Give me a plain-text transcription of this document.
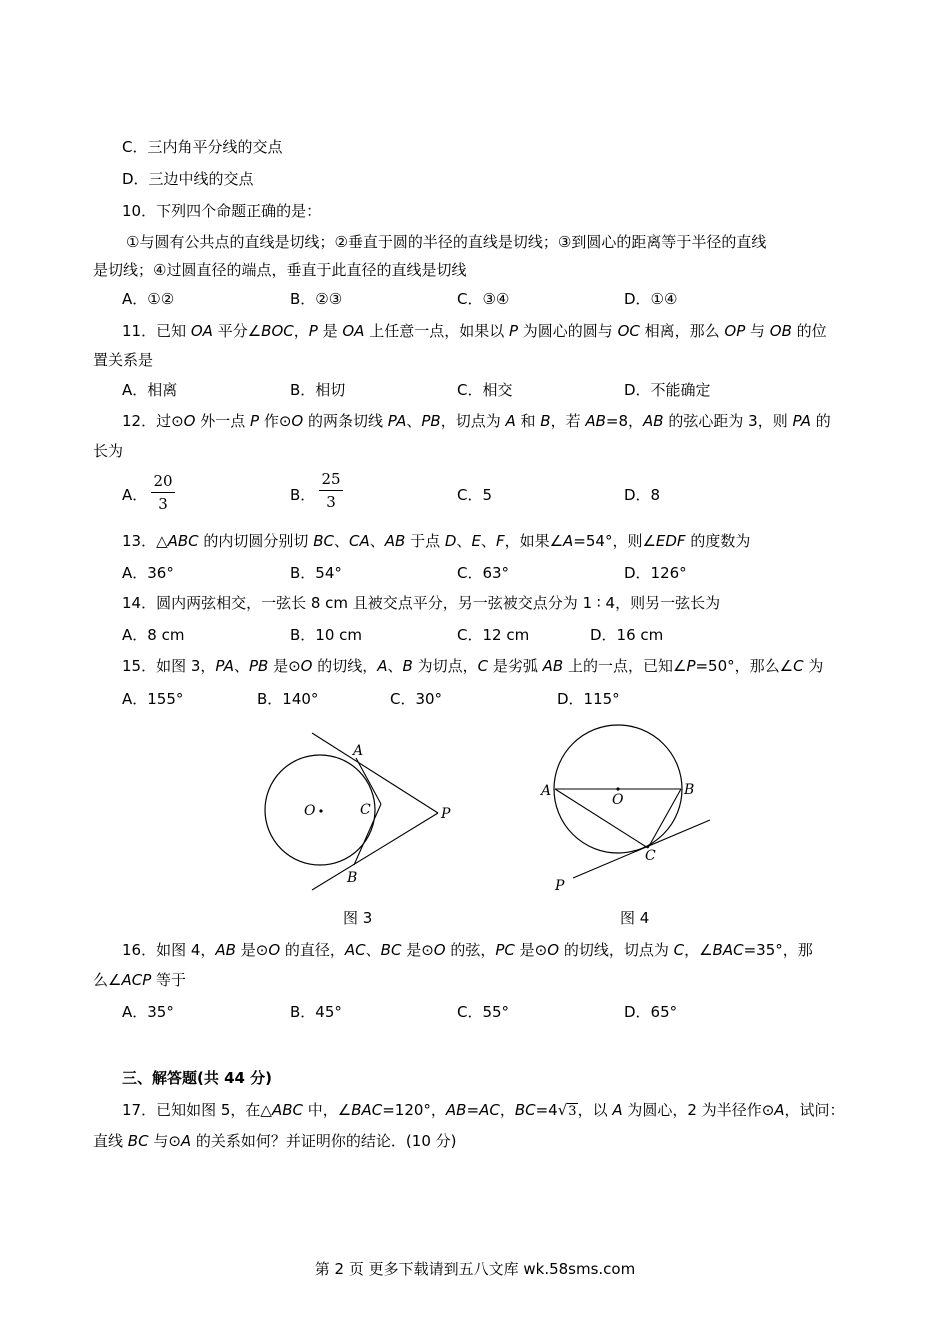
C．三内角平分线的交点
D．三边中线的交点
10．下列四个命题正确的是：
①与圆有公共点的直线是切线；②垂直于圆的半径的直线是切线；③到圆心的距离等于半径的直线
是切线；④过圆直径的端点，垂直于此直径的直线是切线
A．①②	B．②③	C．③④	D．①④
11．已知 OA 平分∠BOC，P 是 OA 上任意一点，如果以 P 为圆心的圆与 OC 相离，那么 OP 与 OB 的位
置关系是
A．相离	B．相切	C．相交	D．不能确定
12．过⊙O 外一点 P 作⊙O 的两条切线 PA、PB，切点为 A 和 B，若 AB=8，AB 的弦心距为 3，则 PA 的
长为
A．
20
3	B．
25
3	C．5	D．8
13．△ABC 的内切圆分别切 BC、CA、AB 于点 D、E、F，如果∠A=54°，则∠EDF 的度数为
A．36°	B．54°	C．63°	D．126°
14．圆内两弦相交，一弦长 8 cm 且被交点平分，另一弦被交点分为 1 ∶ 4，则另一弦长为
A．8 cm	B．10 cm	C．12 cm	D．16 cm
15．如图 3，PA、PB 是⊙O 的切线，A、B 为切点，C 是劣弧 AB 上的一点，已知∠P=50°，那么∠C 为
A．155°	B．140°	C．30°	D．115°
O
A
C
B
P
图 3
O
A	B
C
P
图 4
16．如图 4，AB 是⊙O 的直径，AC、BC 是⊙O 的弦，PC 是⊙O 的切线，切点为 C，∠BAC=35°，那
么∠ACP 等于
A．35°	B．45°	C．55°	D．65°
三、解答题(共 44 分)
17．已知如图 5，在△ABC 中，∠BAC=120°，AB=AC，BC=4√3，以 A 为圆心，2 为半径作⊙A，试问：
直线 BC 与⊙A 的关系如何？并证明你的结论．(10 分)
第 2 页 更多下载请到五八文库 wk.58sms.com
